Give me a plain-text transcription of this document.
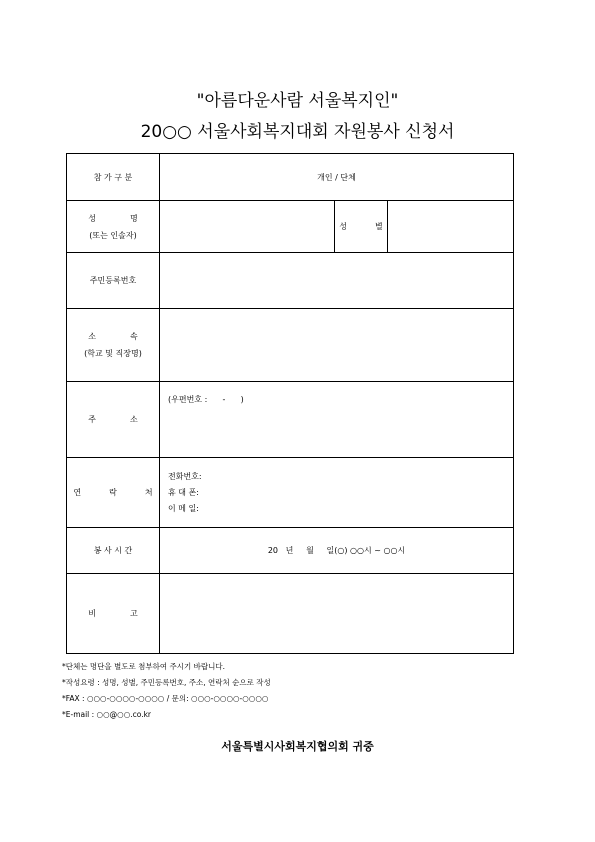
"아름다운사람 서울복지인"
20○○ 서울사회복지대회 자원봉사 신청서
참 가 구 분	개인 / 단체		

성 명
(또는 인솔자)		성 별	
주민등록번호			

소 속
(학교 및 직장명)			

주 소	(우편번호 :      -      )		
연 락 처	전화번호:
휴 대 폰:
이 메 일:		

봉 사 시 간	20   년     월     일(○) ○○시 ~ ○○시		
비 고			
*단체는 명단을 별도로 첨부하여 주시기 바랍니다.
*작성요령 : 성명, 성별, 주민등록번호, 주소, 연락처 순으로 작성
*FAX : ○○○-○○○○-○○○○ / 문의: ○○○-○○○○-○○○○
*E-mail : ○○@○○.co.kr
서울특별시사회복지협의회 귀중
